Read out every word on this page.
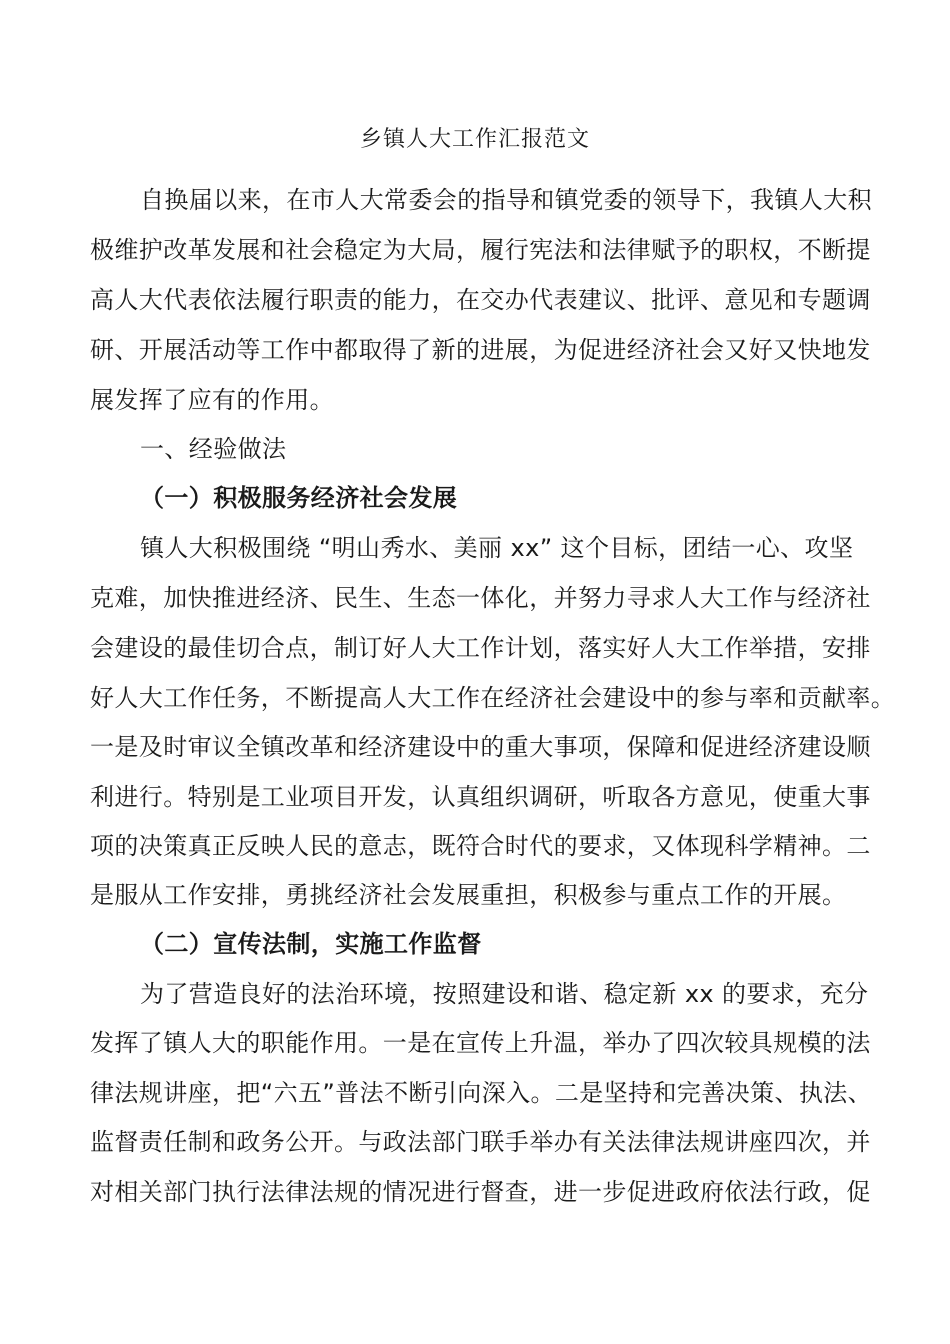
乡镇人大工作汇报范文
自换届以来，在市人大常委会的指导和镇党委的领导下，我镇人大积
极维护改革发展和社会稳定为大局，履行宪法和法律赋予的职权，不断提
高人大代表依法履行职责的能力，在交办代表建议、批评、意见和专题调
研、开展活动等工作中都取得了新的进展，为促进经济社会又好又快地发
展发挥了应有的作用。
一、经验做法
（一）积极服务经济社会发展
镇人大积极围绕 “明山秀水、美丽 xx” 这个目标，团结一心、攻坚
克难，加快推进经济、民生、生态一体化，并努力寻求人大工作与经济社
会建设的最佳切合点，制订好人大工作计划，落实好人大工作举措，安排
好人大工作任务，不断提高人大工作在经济社会建设中的参与率和贡献率。
一是及时审议全镇改革和经济建设中的重大事项，保障和促进经济建设顺
利进行。特别是工业项目开发，认真组织调研，听取各方意见，使重大事
项的决策真正反映人民的意志，既符合时代的要求，又体现科学精神。二
是服从工作安排，勇挑经济社会发展重担，积极参与重点工作的开展。
（二）宣传法制，实施工作监督
为了营造良好的法治环境，按照建设和谐、稳定新 xx 的要求，充分
发挥了镇人大的职能作用。一是在宣传上升温，举办了四次较具规模的法
律法规讲座，把“六五”普法不断引向深入。二是坚持和完善决策、执法、
监督责任制和政务公开。与政法部门联手举办有关法律法规讲座四次，并
对相关部门执行法律法规的情况进行督查，进一步促进政府依法行政，促
